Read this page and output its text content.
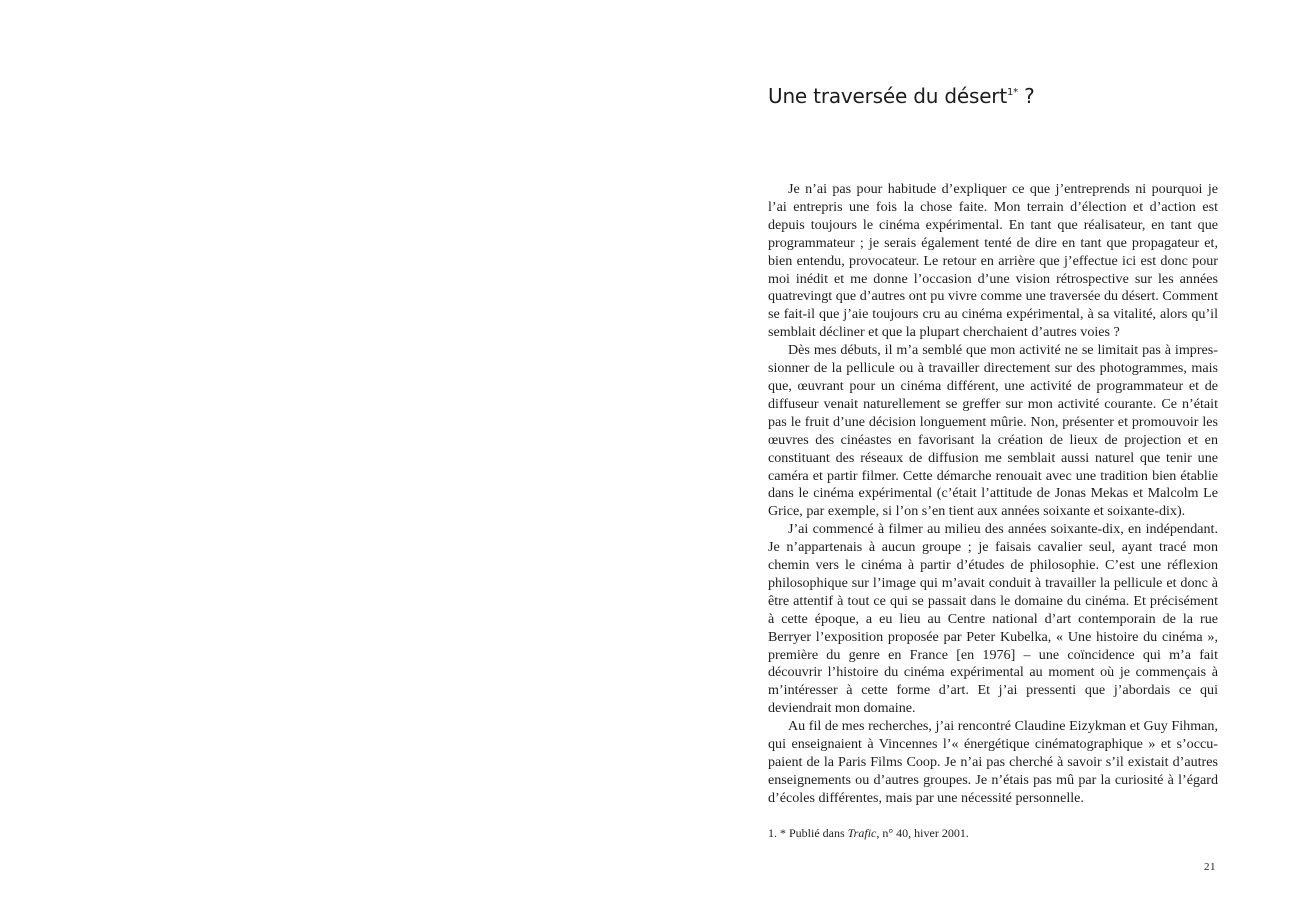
Une traversée du désert$^{1*}$ ?

Je n’ai pas pour habitude d’expliquer ce que j’entreprends ni pourquoi je l’ai entrepris une fois la chose faite. Mon terrain d’élection et d’action est depuis toujours le cinéma expérimental. En tant que réalisateur, en tant que programmateur ; je serais également tenté de dire en tant que propagateur et, bien entendu, provocateur. Le retour en arrière que j’effectue ici est donc pour moi inédit et me donne l’occasion d’une vision rétrospective sur les années quatrevingt que d’autres ont pu vivre comme une traversée du désert. Comment se fait-il que j’aie toujours cru au cinéma expérimental, à sa vitalité, alors qu’il semblait décliner et que la plupart cherchaient d’autres voies ?

Dès mes débuts, il m’a semblé que mon activité ne se limitait pas à impressionner de la pellicule ou à travailler directement sur des photogrammes, mais que, œuvrant pour un cinéma différent, une activité de programmateur et de diffuseur venait naturellement se greffer sur mon activité courante. Ce n’était pas le fruit d’une décision longuement mûrie. Non, présenter et promouvoir les œuvres des cinéastes en favorisant la création de lieux de projection et en constituant des réseaux de diffusion me semblait aussi naturel que tenir une caméra et partir filmer. Cette démarche renouait avec une tradition bien établie dans le cinéma expérimental (c’était l’attitude de Jonas Mekas et Malcolm Le Grice, par exemple, si l’on s’en tient aux années soixante et soixante-dix).

J’ai commencé à filmer au milieu des années soixante-dix, en indépendant. Je n’appartenais à aucun groupe ; je faisais cavalier seul, ayant tracé mon chemin vers le cinéma à partir d’études de philosophie. C’est une réflexion philosophique sur l’image qui m’avait conduit à travailler la pellicule et donc à être attentif à tout ce qui se passait dans le domaine du cinéma. Et précisément à cette époque, a eu lieu au Centre national d’art contemporain de la rue Berryer l’exposition proposée par Peter Kubelka, « Une histoire du cinéma », première du genre en France [en 1976] – une coïncidence qui m’a fait découvrir l’histoire du cinéma expérimental au moment où je commençais à m’intéresser à cette forme d’art. Et j’ai pressenti que j’abordais ce qui deviendrait mon domaine.

Au fil de mes recherches, j’ai rencontré Claudine Eizykman et Guy Fihman, qui enseignaient à Vincennes l’« énergétique cinématographique » et s’occupaient de la Paris Films Coop. Je n’ai pas cherché à savoir s’il existait d’autres enseignements ou d’autres groupes. Je n’étais pas mû par la curiosité à l’égard d’écoles différentes, mais par une nécessité personnelle.

1. * Publié dans Trafic, n° 40, hiver 2001.
21
